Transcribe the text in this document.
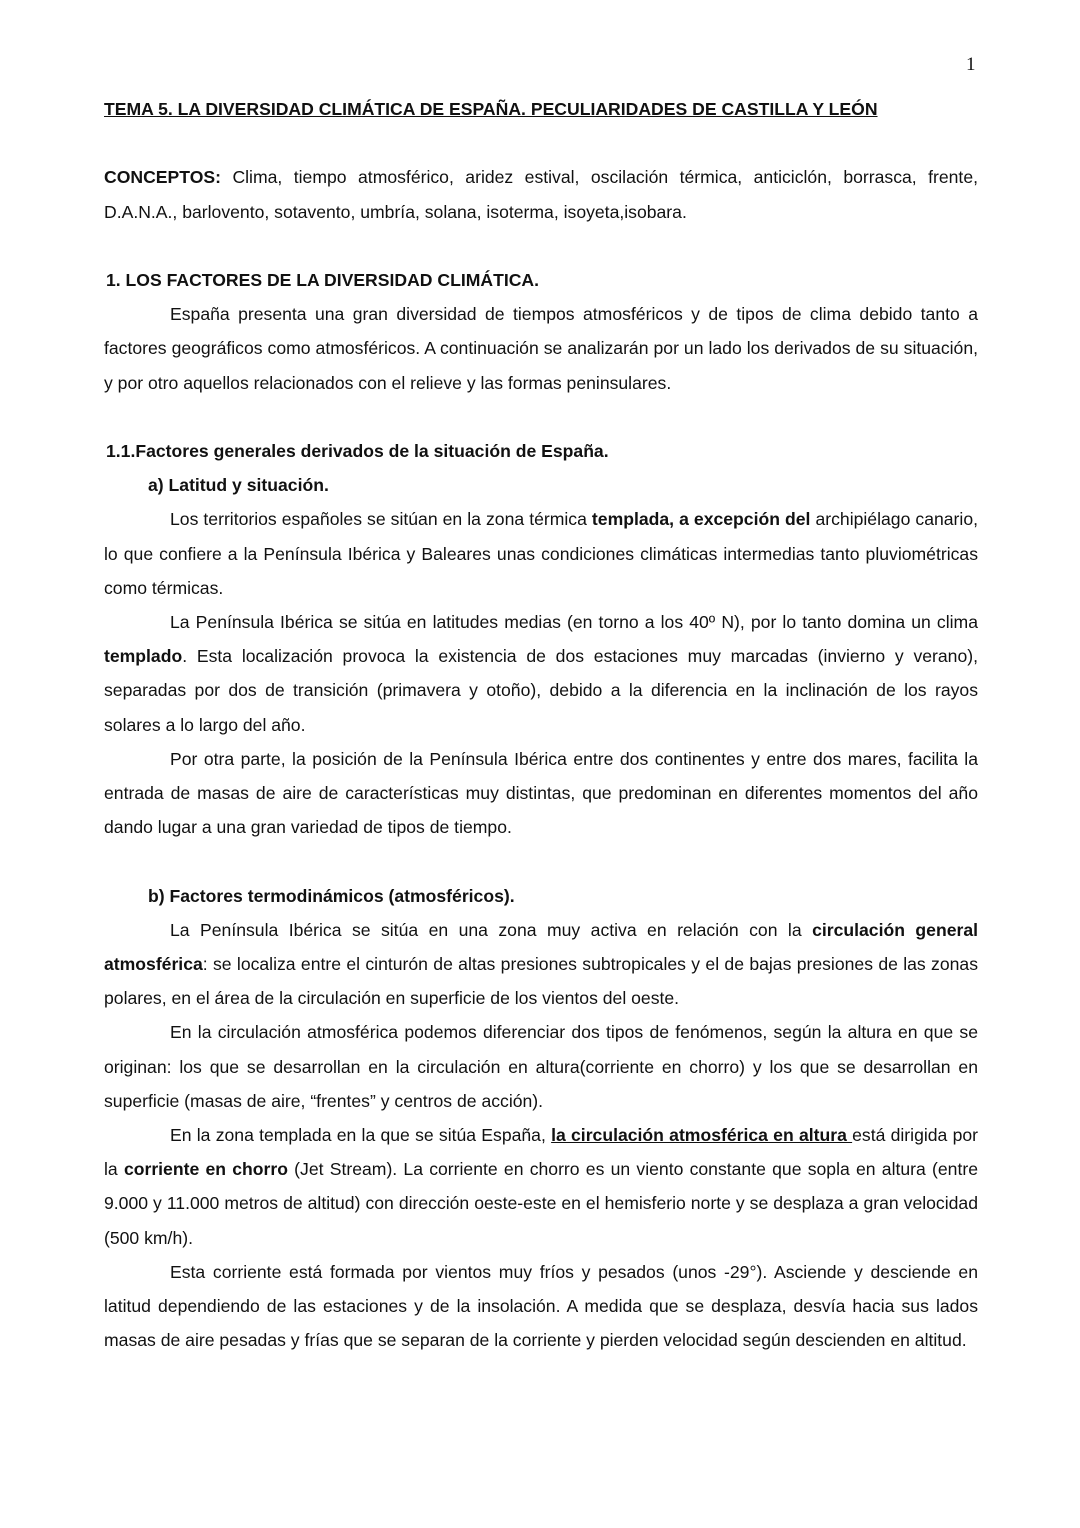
1

TEMA 5. LA DIVERSIDAD CLIMÁTICA DE ESPAÑA. PECULIARIDADES DE CASTILLA Y LEÓN

CONCEPTOS: Clima, tiempo atmosférico, aridez estival, oscilación térmica, anticiclón, borrasca, frente, D.A.N.A., barlovento, sotavento, umbría, solana, isoterma, isoyeta,isobara.

1. LOS FACTORES DE LA DIVERSIDAD CLIMÁTICA.

España presenta una gran diversidad de tiempos atmosféricos y de tipos de clima debido tanto a factores geográficos como atmosféricos. A continuación se analizarán por un lado los derivados de su situación, y por otro aquellos relacionados con el relieve y las formas peninsulares.

1.1.Factores generales derivados de la situación de España.

a) Latitud y situación.

Los territorios españoles se sitúan en la zona térmica templada, a excepción del archipiélago canario, lo que confiere a la Península Ibérica y Baleares unas condiciones climáticas intermedias tanto pluviométricas como térmicas.

La Península Ibérica se sitúa en latitudes medias (en torno a los 40º N), por lo tanto domina un clima templado. Esta localización provoca la existencia de dos estaciones muy marcadas (invierno y verano), separadas por dos de transición (primavera y otoño), debido a la diferencia en la inclinación de los rayos solares a lo largo del año.

Por otra parte, la posición de la Península Ibérica entre dos continentes y entre dos mares, facilita la entrada de masas de aire de características muy distintas, que predominan en diferentes momentos del año dando lugar a una gran variedad de tipos de tiempo.

b) Factores termodinámicos (atmosféricos).

La Península Ibérica se sitúa en una zona muy activa en relación con la circulación general atmosférica: se localiza entre el cinturón de altas presiones subtropicales y el de bajas presiones de las zonas polares, en el área de la circulación en superficie de los vientos del oeste.

En la circulación atmosférica podemos diferenciar dos tipos de fenómenos, según la altura en que se originan: los que se desarrollan en la circulación en altura(corriente en chorro) y los que se desarrollan en superficie (masas de aire, “frentes” y centros de acción).

En la zona templada en la que se sitúa España, la circulación atmosférica en altura está dirigida por la corriente en chorro (Jet Stream). La corriente en chorro es un viento constante que sopla en altura (entre 9.000 y 11.000 metros de altitud) con dirección oeste-este en el hemisferio norte y se desplaza a gran velocidad (500 km/h).

Esta corriente está formada por vientos muy fríos y pesados (unos -29°). Asciende y desciende en latitud dependiendo de las estaciones y de la insolación. A medida que se desplaza, desvía hacia sus lados masas de aire pesadas y frías que se separan de la corriente y pierden velocidad según descienden en altitud.
